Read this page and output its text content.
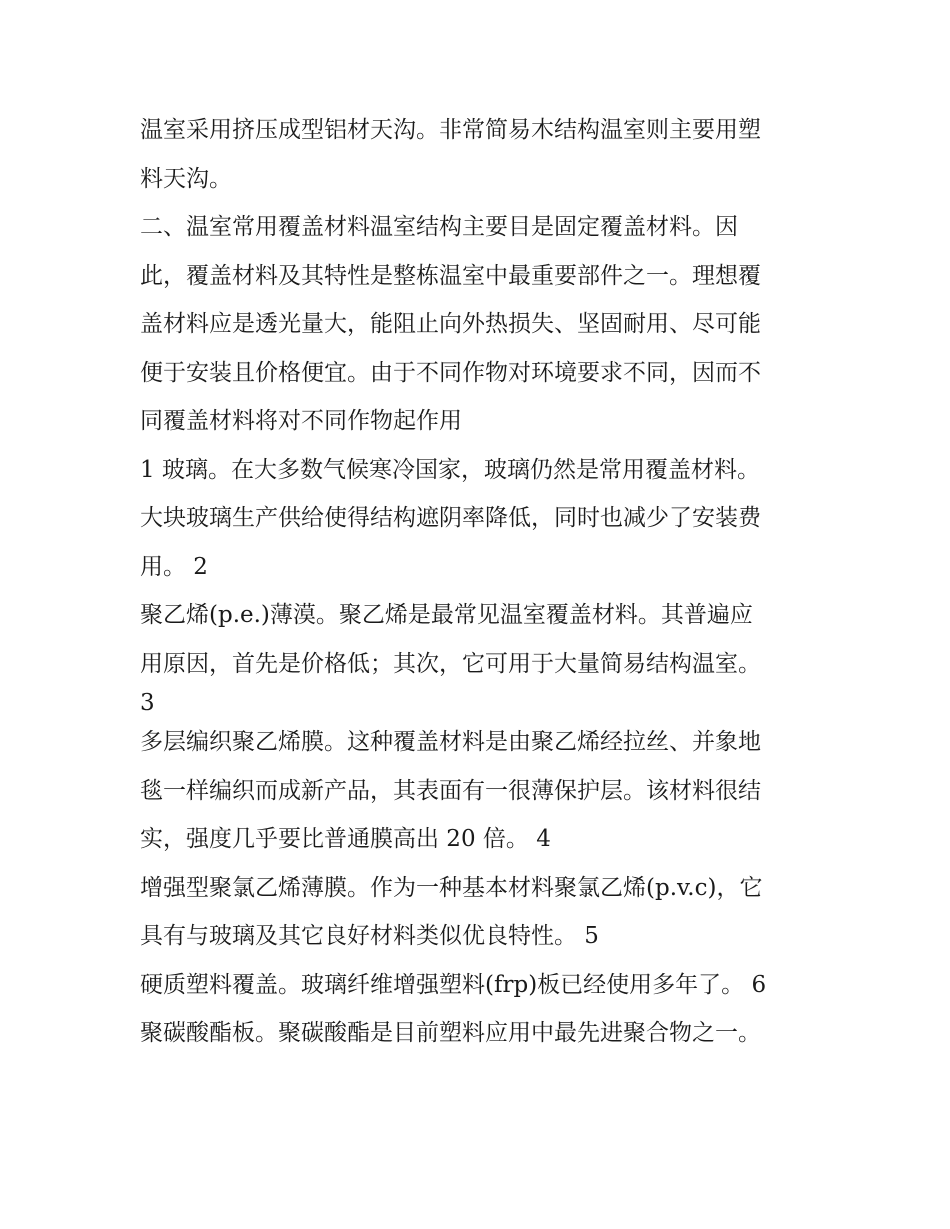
温室采用挤压成型铝材天沟。非常简易木结构温室则主要用塑
料天沟。
二、温室常用覆盖材料温室结构主要目是固定覆盖材料。因
此，覆盖材料及其特性是整栋温室中最重要部件之一。理想覆
盖材料应是透光量大，能阻止向外热损失、坚固耐用、尽可能
便于安装且价格便宜。由于不同作物对环境要求不同，因而不
同覆盖材料将对不同作物起作用
1 玻璃。在大多数气候寒冷国家，玻璃仍然是常用覆盖材料。
大块玻璃生产供给使得结构遮阴率降低，同时也减少了安装费
用。 2
聚乙烯(p.e.)薄漠。聚乙烯是最常见温室覆盖材料。其普遍应
用原因，首先是价格低；其次，它可用于大量简易结构温室。
3
多层编织聚乙烯膜。这种覆盖材料是由聚乙烯经拉丝、并象地
毯一样编织而成新产品，其表面有一很薄保护层。该材料很结
实，强度几乎要比普通膜高出 20 倍。 4
增强型聚氯乙烯薄膜。作为一种基本材料聚氯乙烯(p.v.c)，它
具有与玻璃及其它良好材料类似优良特性。 5
硬质塑料覆盖。玻璃纤维增强塑料(frp)板已经使用多年了。 6
聚碳酸酯板。聚碳酸酯是目前塑料应用中最先进聚合物之一。
